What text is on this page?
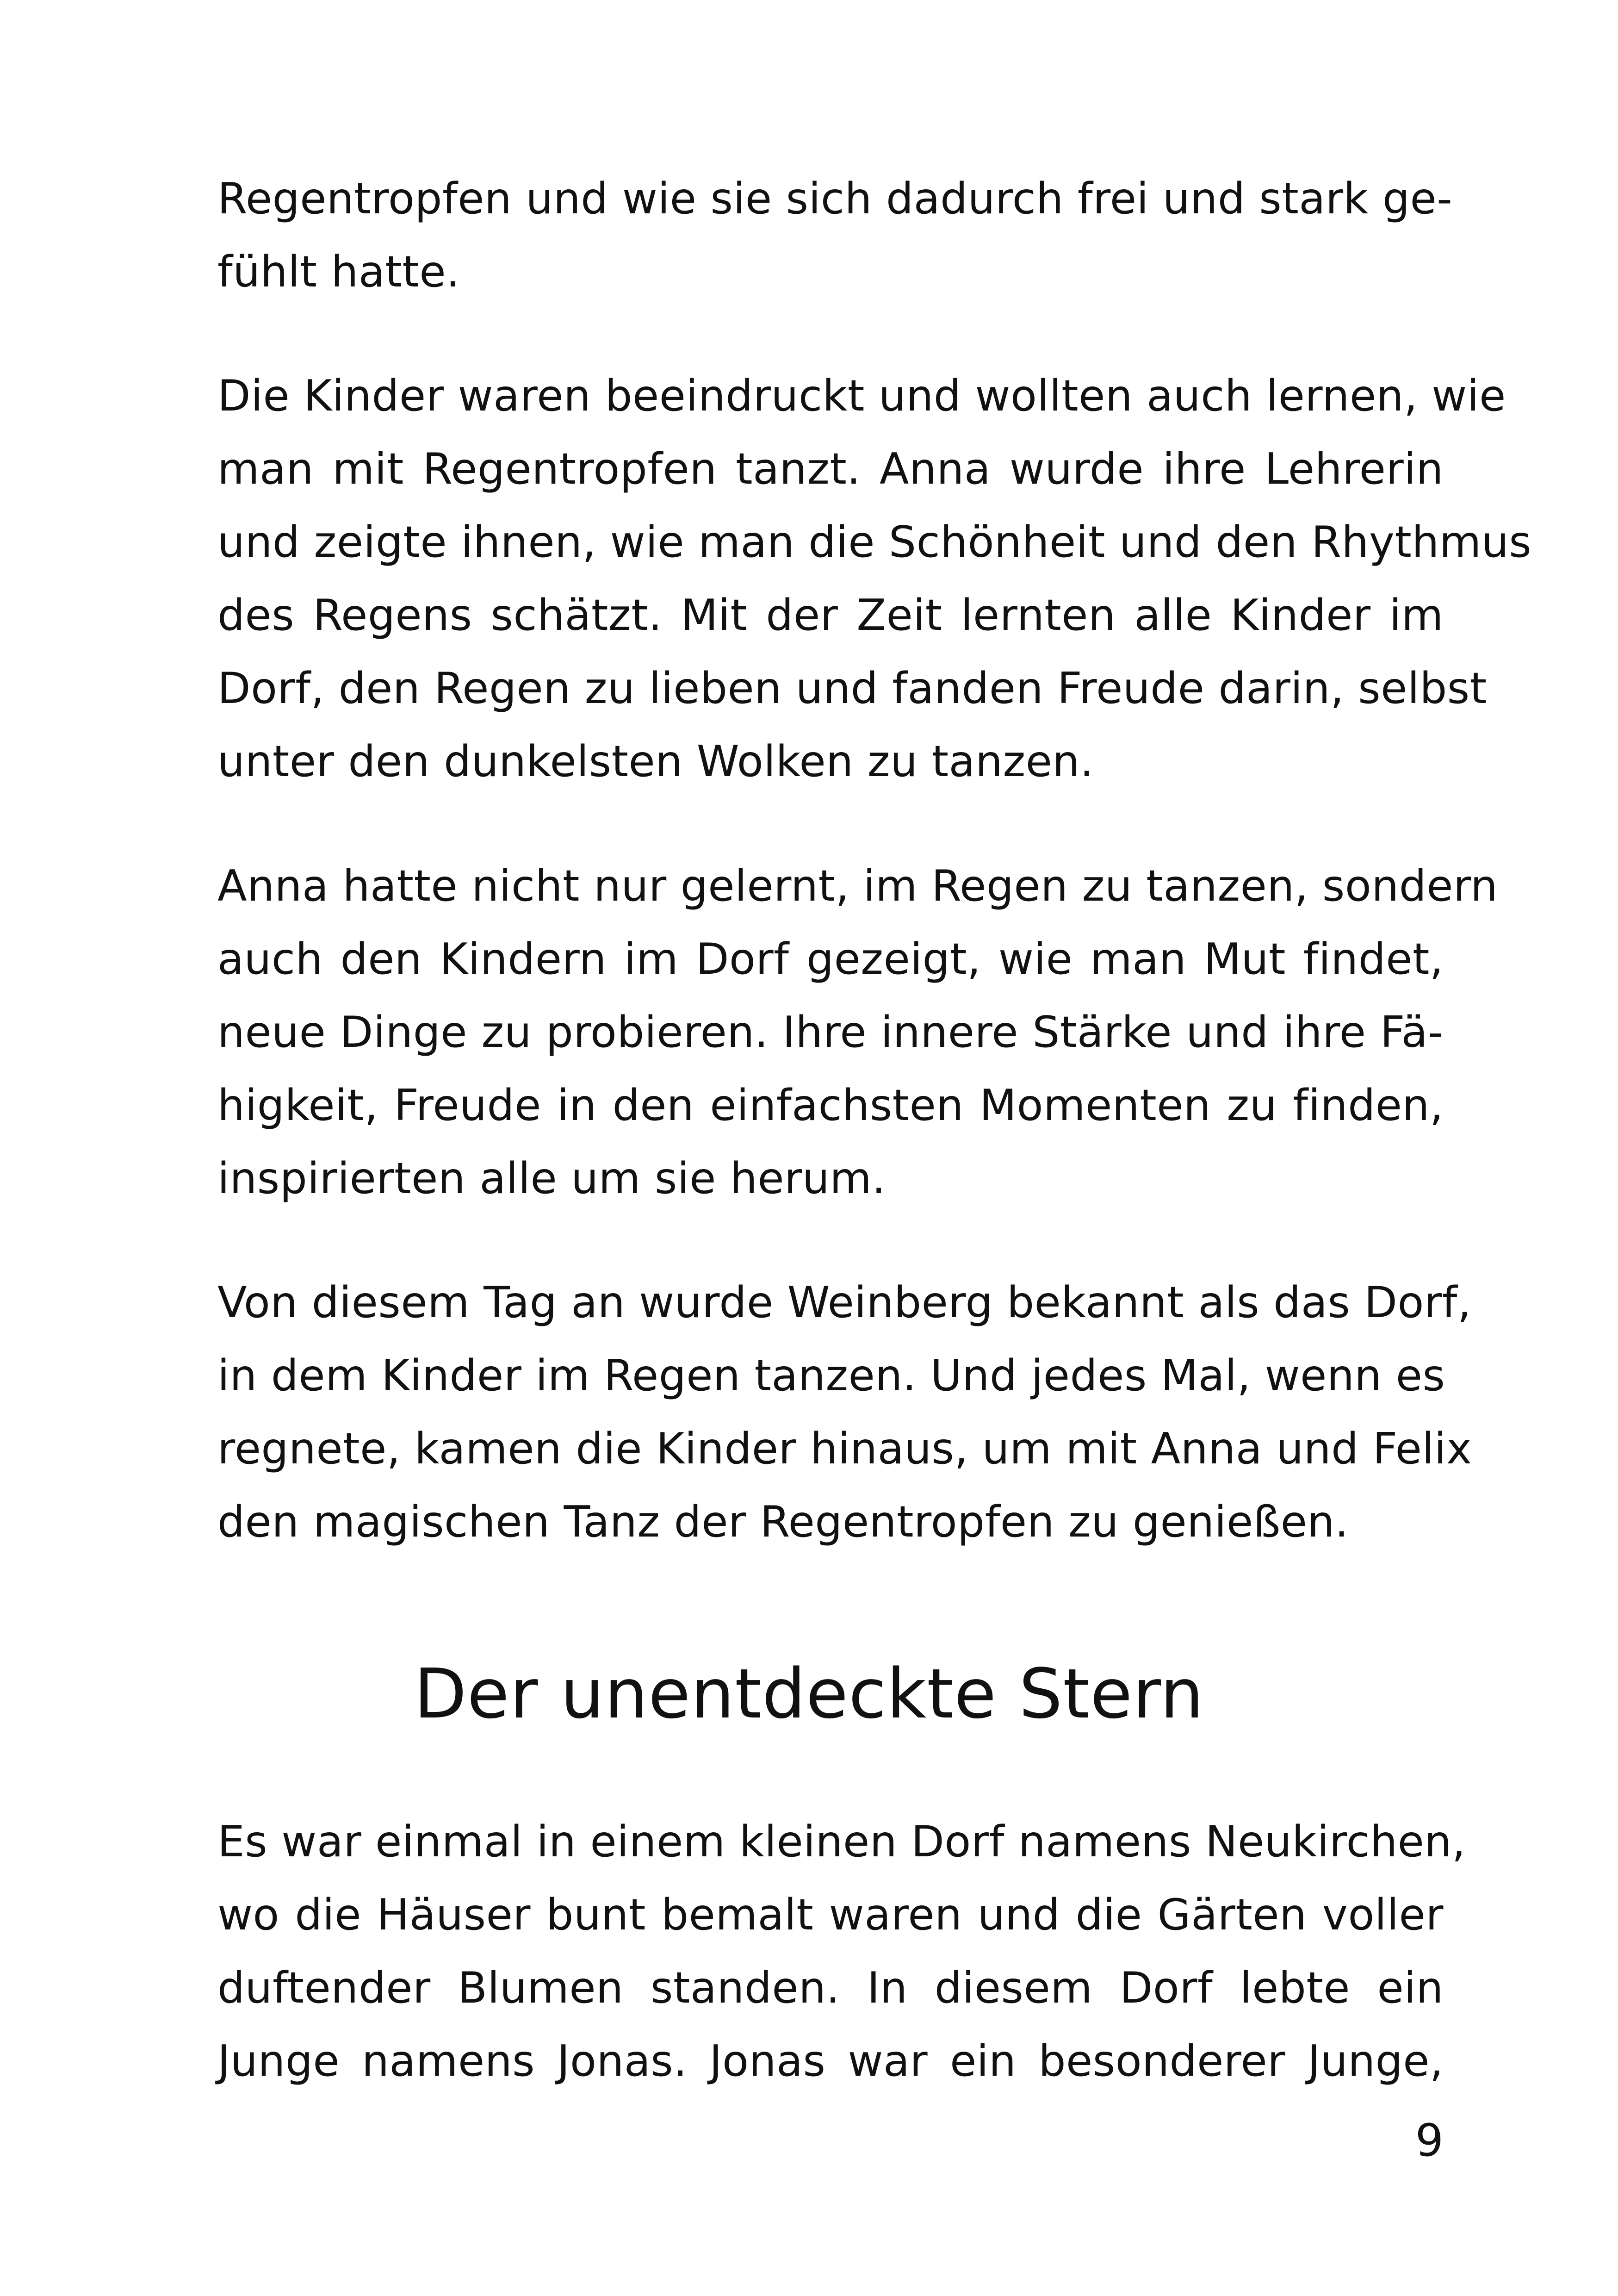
Regentropfen und wie sie sich dadurch frei und stark ge-
fühlt hatte.
Die Kinder waren beeindruckt und wollten auch lernen, wie
man mit Regentropfen tanzt. Anna wurde ihre Lehrerin
und zeigte ihnen, wie man die Schönheit und den Rhythmus
des Regens schätzt. Mit der Zeit lernten alle Kinder im
Dorf, den Regen zu lieben und fanden Freude darin, selbst
unter den dunkelsten Wolken zu tanzen.
Anna hatte nicht nur gelernt, im Regen zu tanzen, sondern
auch den Kindern im Dorf gezeigt, wie man Mut findet,
neue Dinge zu probieren. Ihre innere Stärke und ihre Fä-
higkeit, Freude in den einfachsten Momenten zu finden,
inspirierten alle um sie herum.
Von diesem Tag an wurde Weinberg bekannt als das Dorf,
in dem Kinder im Regen tanzen. Und jedes Mal, wenn es
regnete, kamen die Kinder hinaus, um mit Anna und Felix
den magischen Tanz der Regentropfen zu genießen.
Der unentdeckte Stern
Es war einmal in einem kleinen Dorf namens Neukirchen,
wo die Häuser bunt bemalt waren und die Gärten voller
duftender Blumen standen. In diesem Dorf lebte ein
Junge namens Jonas. Jonas war ein besonderer Junge,
9
